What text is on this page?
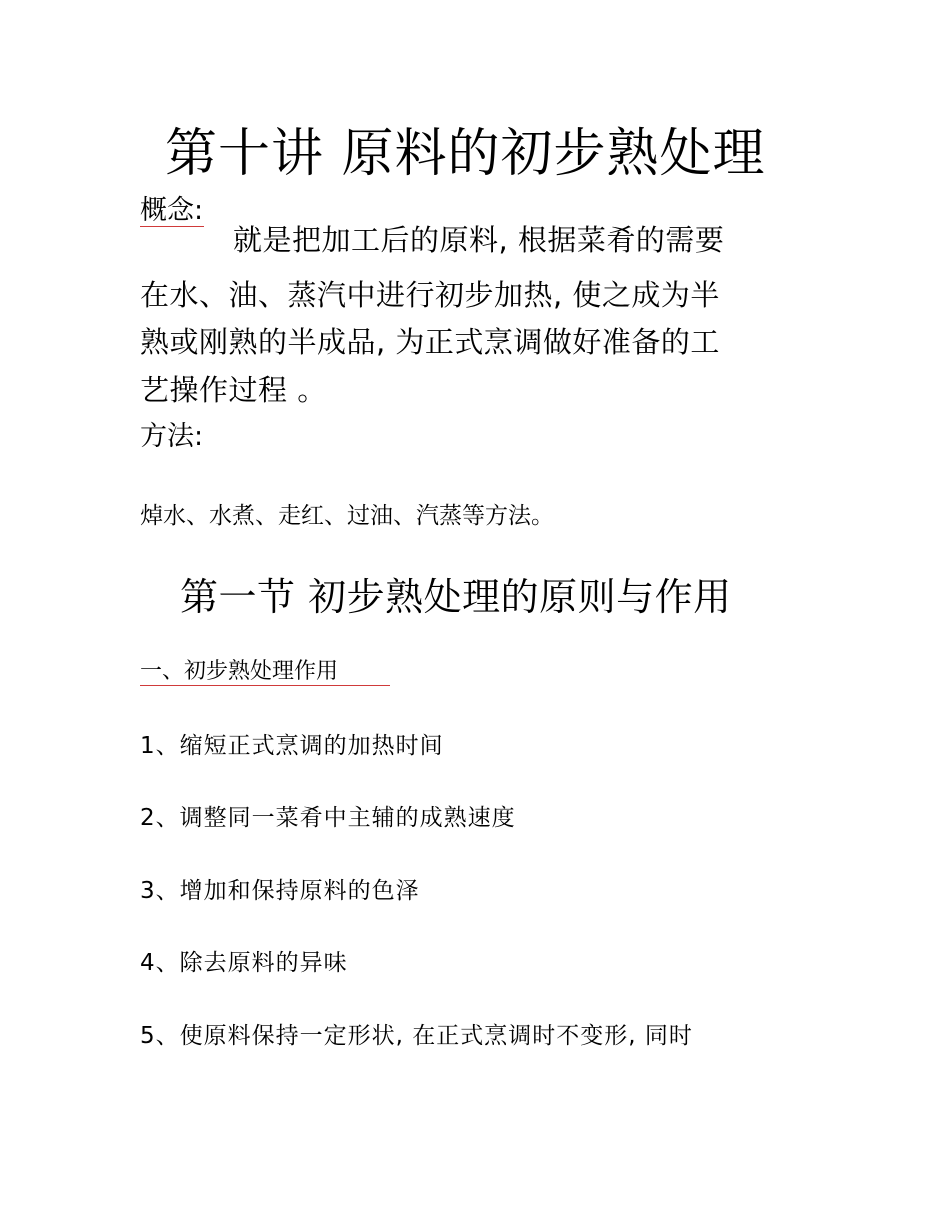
第十讲 原料的初步熟处理
概念:
就是把加工后的原料, 根据菜肴的需要
在水、油、蒸汽中进行初步加热, 使之成为半
熟或刚熟的半成品, 为正式烹调做好准备的工
艺操作过程 。
方法:
焯水、水煮、走红、过油、汽蒸等方法。
第一节 初步熟处理的原则与作用
一、初步熟处理作用
1、缩短正式烹调的加热时间
2、调整同一菜肴中主辅的成熟速度
3、增加和保持原料的色泽
4、除去原料的异味
5、使原料保持一定形状, 在正式烹调时不变形, 同时
